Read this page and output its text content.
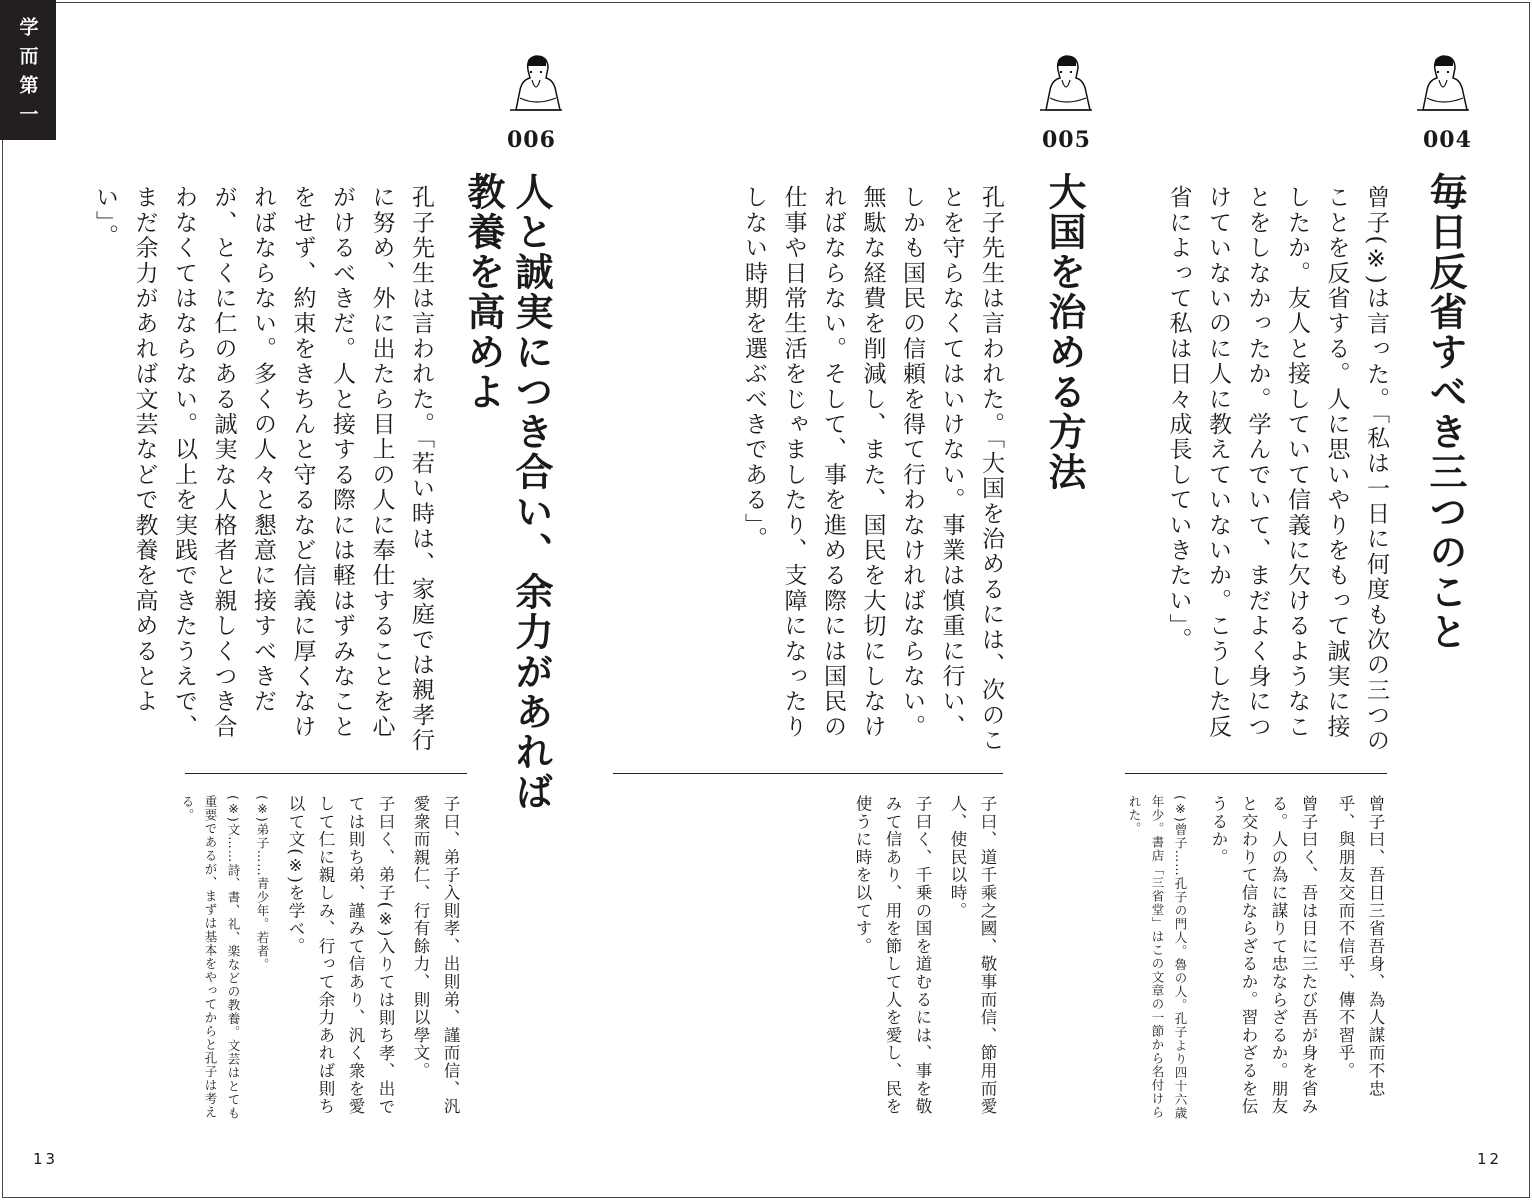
学而第一
004
毎日反省すべき三つのこと
曾子(※)は言った。「私は一日に何度も次の三つのことを反省する。人に思いやりをもって誠実に接したか。友人と接していて信義に欠けるようなことをしなかったか。学んでいて、まだよく身につけていないのに人に教えていないか。こうした反省によって私は日々成長していきたい」。
曾子曰、吾日三省吾身、為人謀而不忠乎、與朋友交而不信乎、傳不習乎。
曾子曰く、吾は日に三たび吾が身を省みる。人の為に謀りて忠ならざるか。朋友と交わりて信ならざるか。習わざるを伝うるか。
(※)曾子……孔子の門人。魯の人。孔子より四十六歳年少。書店「三省堂」はこの文章の一節から名付けられた。
005
大国を治める方法
孔子先生は言われた。「大国を治めるには、次のことを守らなくてはいけない。事業は慎重に行い、しかも国民の信頼を得て行わなければならない。無駄な経費を削減し、また、国民を大切にしなければならない。そして、事を進める際には国民の仕事や日常生活をじゃましたり、支障になったりしない時期を選ぶべきである」。
子曰、道千乘之國、敬事而信、節用而愛人、使民以時。
子曰く、千乗の国を道むるには、事を敬みて信あり、用を節して人を愛し、民を使うに時を以てす。
006
人と誠実につき合い、余力があれば教養を高めよ
孔子先生は言われた。「若い時は、家庭では親孝行に努め、外に出たら目上の人に奉仕することを心がけるべきだ。人と接する際には軽はずみなことをせず、約束をきちんと守るなど信義に厚くなければならない。多くの人々と懇意に接すべきだが、とくに仁のある誠実な人格者と親しくつき合わなくてはならない。以上を実践できたうえで、まだ余力があれば文芸などで教養を高めるとよい」。
子曰、弟子入則孝、出則弟、謹而信、汎愛衆而親仁、行有餘力、則以學文。
子曰く、弟子(※)入りては則ち孝、出でては則ち弟、謹みて信あり、汎く衆を愛して仁に親しみ、行って余力あれば則ち以て文(※)を学べ。
(※)弟子……青少年。若者。
(※)文……詩、書、礼、楽などの教養。文芸はとても重要であるが、まずは基本をやってからと孔子は考える。
13	12
